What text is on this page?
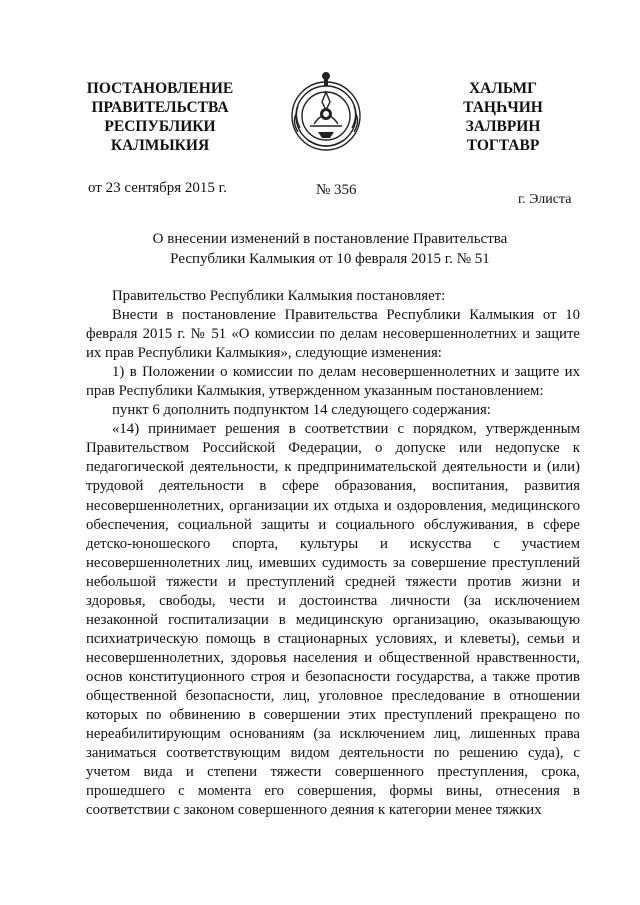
ПОСТАНОВЛЕНИЕ
ПРАВИТЕЛЬСТВА
РЕСПУБЛИКИ
КАЛМЫКИЯ
ХАЛЬМГ
ТАҢҺЧИН
ЗАЛВРИН
ТОГТАВР
от 23 сентября 2015 г.	№ 356
г. Элиста
О внесении изменений в постановление Правительства
Республики Калмыкия от 10 февраля 2015 г. № 51

Правительство Республики Калмыкия постановляет:

Внести в постановление Правительства Республики Калмыкия от 10 февраля 2015 г. № 51 «О комиссии по делам несовершеннолетних и защите их прав Республики Калмыкия», следующие изменения:

1) в Положении о комиссии по делам несовершеннолетних и защите их прав Республики Калмыкия, утвержденном указанным постановлением:

пункт 6 дополнить подпунктом 14 следующего содержания:

«14) принимает решения в соответствии с порядком, утвержденным Правительством Российской Федерации, о допуске или недопуске к педагогической деятельности, к предпринимательской деятельности и (или) трудовой деятельности в сфере образования, воспитания, развития несовершеннолетних, организации их отдыха и оздоровления, медицинского обеспечения, социальной защиты и социального обслуживания, в сфере детско-юношеского спорта, культуры и искусства с участием несовершеннолетних лиц, имевших судимость за совершение преступлений небольшой тяжести и преступлений средней тяжести против жизни и здоровья, свободы, чести и достоинства личности (за исключением незаконной госпитализации в медицинскую организацию, оказывающую психиатрическую помощь в стационарных условиях, и клеветы), семьи и несовершеннолетних, здоровья населения и общественной нравственности, основ конституционного строя и безопасности государства, а также против общественной безопасности, лиц, уголовное преследование в отношении которых по обвинению в совершении этих преступлений прекращено по нереабилитирующим основаниям (за исключением лиц, лишенных права заниматься соответствующим видом деятельности по решению суда), с учетом вида и степени тяжести совершенного преступления, срока, прошедшего с момента его совершения, формы вины, отнесения в соответствии с законом совершенного деяния к категории менее тяжких
